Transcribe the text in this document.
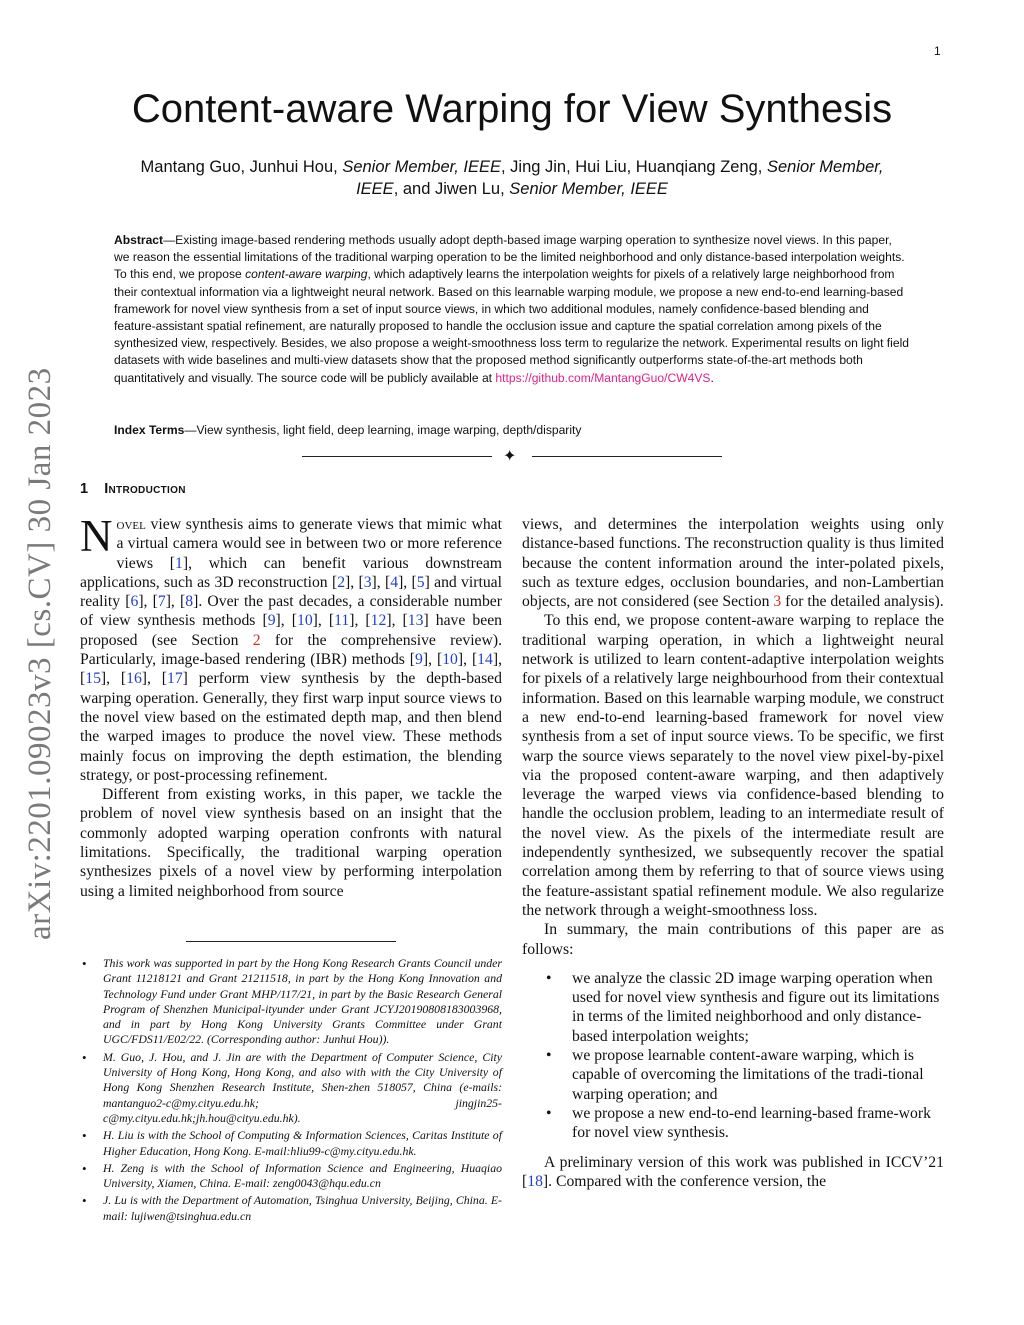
1
arXiv:2201.09023v3 [cs.CV] 30 Jan 2023
Content-aware Warping for View Synthesis
Mantang Guo, Junhui Hou, Senior Member, IEEE, Jing Jin, Hui Liu, Huanqiang Zeng, Senior Member, IEEE, and Jiwen Lu, Senior Member, IEEE

Abstract—Existing image-based rendering methods usually adopt depth-based image warping operation to synthesize novel views. In this paper, we reason the essential limitations of the traditional warping operation to be the limited neighborhood and only distance-based interpolation weights. To this end, we propose content-aware warping, which adaptively learns the interpolation weights for pixels of a relatively large neighborhood from their contextual information via a lightweight neural network. Based on this learnable warping module, we propose a new end-to-end learning-based framework for novel view synthesis from a set of input source views, in which two additional modules, namely confidence-based blending and feature-assistant spatial refinement, are naturally proposed to handle the occlusion issue and capture the spatial correlation among pixels of the synthesized view, respectively. Besides, we also propose a weight-smoothness loss term to regularize the network. Experimental results on light field datasets with wide baselines and multi-view datasets show that the proposed method significantly outperforms state-of-the-art methods both quantitatively and visually. The source code will be publicly available at https://github.com/MantangGuo/CW4VS.

Index Terms—View synthesis, light field, deep learning, image warping, depth/disparity
✦
1 Introduction

Novel view synthesis aims to generate views that mimic what a virtual camera would see in between two or more reference views [1], which can benefit various downstream applications, such as 3D reconstruction [2], [3], [4], [5] and virtual reality [6], [7], [8]. Over the past decades, a considerable number of view synthesis methods [9], [10], [11], [12], [13] have been proposed (see Section 2 for the comprehensive review). Particularly, image-based rendering (IBR) methods [9], [10], [14], [15], [16], [17] perform view synthesis by the depth-based warping operation. Generally, they first warp input source views to the novel view based on the estimated depth map, and then blend the warped images to produce the novel view. These methods mainly focus on improving the depth estimation, the blending strategy, or post-processing refinement.

Different from existing works, in this paper, we tackle the problem of novel view synthesis based on an insight that the commonly adopted warping operation confronts with natural limitations. Specifically, the traditional warping operation synthesizes pixels of a novel view by performing interpolation using a limited neighborhood from source

• This work was supported in part by the Hong Kong Research Grants Council under Grant 11218121 and Grant 21211518, in part by the Hong Kong Innovation and Technology Fund under Grant MHP/117/21, in part by the Basic Research General Program of Shenzhen Municipal-ityunder under Grant JCYJ20190808183003968, and in part by Hong Kong University Grants Committee under Grant UGC/FDS11/E02/22. (Corresponding author: Junhui Hou)).
• M. Guo, J. Hou, and J. Jin are with the Department of Computer Science, City University of Hong Kong, Hong Kong, and also with with the City University of Hong Kong Shenzhen Research Institute, Shen-zhen 518057, China (e-mails: mantanguo2-c@my.cityu.edu.hk; jingjin25-c@my.cityu.edu.hk;jh.hou@cityu.edu.hk).
• H. Liu is with the School of Computing & Information Sciences, Caritas Institute of Higher Education, Hong Kong. E-mail:hliu99-c@my.cityu.edu.hk.
• H. Zeng is with the School of Information Science and Engineering, Huaqiao University, Xiamen, China. E-mail: zeng0043@hqu.edu.cn
• J. Lu is with the Department of Automation, Tsinghua University, Beijing, China. E-mail: lujiwen@tsinghua.edu.cn

views, and determines the interpolation weights using only distance-based functions. The reconstruction quality is thus limited because the content information around the inter-polated pixels, such as texture edges, occlusion boundaries, and non-Lambertian objects, are not considered (see Section 3 for the detailed analysis).

To this end, we propose content-aware warping to replace the traditional warping operation, in which a lightweight neural network is utilized to learn content-adaptive interpolation weights for pixels of a relatively large neighbourhood from their contextual information. Based on this learnable warping module, we construct a new end-to-end learning-based framework for novel view synthesis from a set of input source views. To be specific, we first warp the source views separately to the novel view pixel-by-pixel via the proposed content-aware warping, and then adaptively leverage the warped views via confidence-based blending to handle the occlusion problem, leading to an intermediate result of the novel view. As the pixels of the intermediate result are independently synthesized, we subsequently recover the spatial correlation among them by referring to that of source views using the feature-assistant spatial refinement module. We also regularize the network through a weight-smoothness loss.

In summary, the main contributions of this paper are as follows:

• we analyze the classic 2D image warping operation when used for novel view synthesis and figure out its limitations in terms of the limited neighborhood and only distance-based interpolation weights;
• we propose learnable content-aware warping, which is capable of overcoming the limitations of the tradi-tional warping operation; and
• we propose a new end-to-end learning-based frame-work for novel view synthesis.

A preliminary version of this work was published in ICCV’21 [18]. Compared with the conference version, the
